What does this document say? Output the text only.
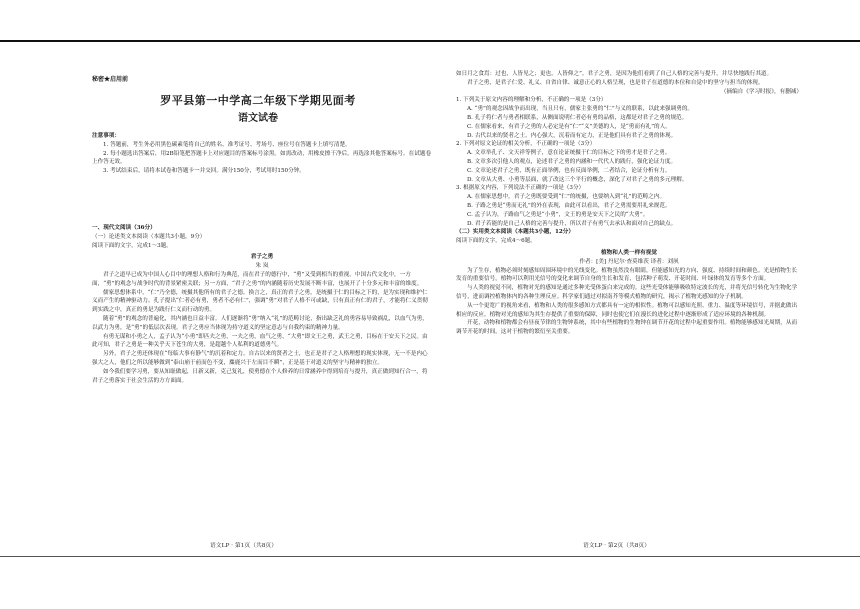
秘密★启用前
罗平县第一中学高二年级下学期见面考
语文试卷

注意事项：

1. 答题前，考生务必用黑色碳素笔将自己的姓名、准考证号、考场号、座位号在答题卡上填写清楚。

2. 每小题选出答案后，用2B铅笔把答题卡上对应题目的答案标号涂黑。如需改动，用橡皮擦干净后，再选涂其他答案标号。在试题卷上作答无效。

3. 考试结束后，请将本试卷和答题卡一并交回。满分150分，考试用时150分钟。

一、现代文阅读（36分）

（一）论述类文本阅读（本题共3小题，9分）

阅读下面的文字，完成1～3题。

君子之勇

朱 岚

君子之道早已成为中国人心目中的理想人格和行为典范，而在君子的德行中，“勇”又受到相当的重视。中国古代文化中，一方面，“勇”的观念与战争时代的背景紧密关联；另一方面，“君子之勇”的内涵随着历史发展不断丰富，也展开了十分多元和丰富的维度。

儒家思想体系中，“仁”乃全德，统摄其他所有的君子之德。换言之，真正的君子之勇，是统摄于仁的目标之下的，是为实现和维护仁义而产生的精神驱动力。孔子提出“仁者必有勇，勇者不必有仁”，强调“勇”对君子人格不可或缺，只有真正有仁的君子，才能将仁义贯彻到实践之中，真正的勇是为践行仁义而行动的勇。

随着“勇”的观念的普遍化，其内涵也日益丰富。人们逐渐将“勇”纳入“礼”的范畴讨论，指出缺乏礼的勇容易导致祸乱，以血气为勇，以武力为勇，是“勇”的低层次表现。君子之勇应当体现为持守道义的坚定意志与自我约束的精神力量。

有勇无谋和小勇之人，孟子认为“小勇”即匹夫之勇，一夫之勇，血气之勇，“大勇”即文王之勇，武王之勇，目标在于安天下之民。由此可知，君子之勇是一种关乎天下苍生的大勇，是超越个人私利的道德勇气。

另外，君子之勇还体现在“每临大事有静气”的沉着和定力。自古以来的贤者之士，也正是君子之人格理想的现实体现，无一不是内心强大之人，他们之所以能够做到“泰山崩于前而色不变，麋鹿兴于左而目不瞬”，正是基于对道义的坚守与精神的独立。

如今我们要学习勇，要从知耻做起，日新又新，克己复礼，使勇德在个人修养的日常涵养中得到培育与提升，真正做到知行合一，将君子之勇落实于社会生活的方方面面。

如日月之食焉：过也，人皆见之；更也，人皆仰之”。君子之勇，是因为他们看到了自己人格的完善与提升，并尽快地践行其道。

君子之勇，是君子仁爱、礼义、自省自律、诚意正心的人格呈现，也是君子在道德的本位和自觉中的坚守与担当的体现。

（摘编自《学习时报》，有删减）

1. 下列关于原文内容的理解和分析，不正确的一项是（3分）

A. “勇”的观念因战争而出现，当且只有，儒家主张勇的“仁”与义的联系，以此来强调勇的。

B. 孔子将仁者与勇者相联系，从侧面说明仁者必有勇的品格，这都是对君子之勇的规范。

C. 在儒家看来，有君子之勇的人必定是有“仁”“义”美德的人，是“勇而有礼”的人。

D. 古代以来的贤者之士，内心强大，沉着而有定力，正是他们具有君子之勇的体现。

2. 下列对原文论证的相关分析，不正确的一项是（3分）

A. 文章举孔子、文天祥等例子，意在论证统摄于仁的目标之下的勇才是君子之勇。

B. 文章多次引他人的观点，论述君子之勇的内涵和一代代人的践行，强化论证力度。

C. 文章论述君子之勇，既有正面举例，也有反面举例，二者结合，论证分析有力。

D. 文章从大勇、小勇等层面，就了改这三个平行的概念，深化了对君子之勇的多元理解。

3. 根据原文内容，下列说法不正确的一项是（3分）

A. 在儒家思想中，君子之勇既要受到“仁”的统摄，也要纳入到“礼”的范畴之内。

B. 子路之勇是“勇而无礼”的外在表现，由此可以看出，君子之勇需要用礼来规范。

C. 孟子认为，子路血气之勇是“小勇”，文王的勇是安天下之民的“大勇”。

D. 君子若能的是自己人格的完善与提升，所以君子有勇气去承认和面对自己的缺点。

（二）实用类文本阅读（本题共3小题，12分）

阅读下面的文字，完成4～6题。

植物和人类一样有视觉

作者：[美] 丹尼尔·查莫维茨 译者：刘夙

为了生存，植物必须时刻感知周围环境中的光线变化。植物虽然没有眼睛，但能感知光的方向、强度、持续时间和颜色。光是植物生长发育的重要信号，植物可以利用光信号的变化来调节自身的生长和发育，包括种子萌发、开花时间、叶绿体的发育等多个方面。

与人类的视觉不同，植物对光的感知是通过多种光受体蛋白来完成的。这些光受体能够吸收特定波长的光，并将光信号转化为生物化学信号，进而调控植物体内的各种生理反应。科学家们通过对拟南芥等模式植物的研究，揭示了植物光感知的分子机制。

从一个更宽广的视角来看，植物和人类的很多感知方式都具有一定的相似性。植物可以感知光照、重力、温度等环境信号，并据此做出相应的反应。植物对光的感知为其生存提供了重要的保障，同时也使它们在漫长的进化过程中逐渐形成了适应环境的各种机制。

开花，动物和植物都会有昼夜节律的生物钟系统，其中有些植物的生物钟在调节开花的过程中起重要作用。植物能够感知光周期，从而调节开花的时间，这对于植物的繁衍至关重要。

语文LP · 第1页（共8页）	语文LP · 第2页（共8页）
